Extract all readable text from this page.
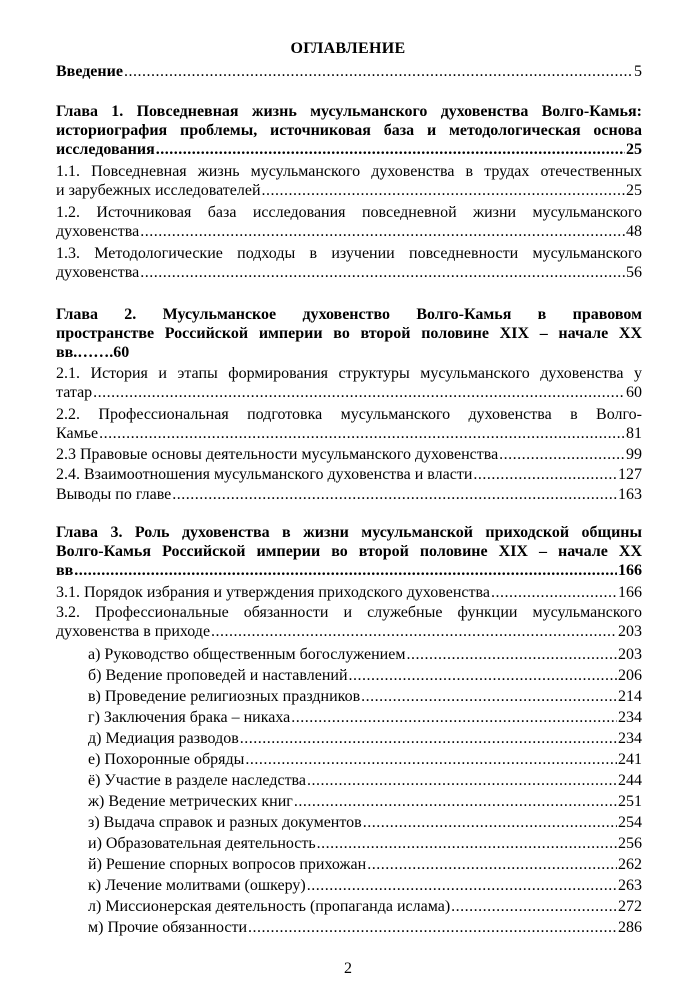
ОГЛАВЛЕНИЕ
Введение .....	5
Глава 1. Повседневная жизнь мусульманского духовенства Волго-Камья:
историография проблемы, источниковая база и методологическая основа
исследования .....	25
1.1. Повседневная жизнь мусульманского духовенства в трудах отечественных
и зарубежных исследователей .....	25
1.2. Источниковая база исследования повседневной жизни мусульманского
духовенства .....	48
1.3. Методологические подходы в изучении повседневности мусульманского
духовенства .....	56
Глава 2. Мусульманское духовенство Волго-Камья в правовом
пространстве Российской империи во второй половине XIX – начале XX
вв. ……. 60
2.1. История и этапы формирования структуры мусульманского духовенства у
татар .....	60
2.2. Профессиональная подготовка мусульманского духовенства в Волго-
Камье .....	81
2.3 Правовые основы деятельности мусульманского духовенства .....	99
2.4. Взаимоотношения мусульманского духовенства и власти .....	127
Выводы по главе .....	163
Глава 3. Роль духовенства в жизни мусульманской приходской общины
Волго-Камья Российской империи во второй половине XIX – начале XX
вв .....	166
3.1. Порядок избрания и утверждения приходского духовенства .....	166
3.2. Профессиональные обязанности и служебные функции мусульманского
духовенства в приходе .....	203
а) Руководство общественным богослужением .....	203
б) Ведение проповедей и наставлений .....	206
в) Проведение религиозных праздников .....	214
г) Заключения брака – никаха .....	234
д) Медиация разводов .....	234
е) Похоронные обряды .....	241
ё) Участие в разделе наследства .....	244
ж) Ведение метрических книг .....	251
з) Выдача справок и разных документов .....	254
и) Образовательная деятельность .....	256
й) Решение спорных вопросов прихожан .....	262
к) Лечение молитвами (ошкеру) .....	263
л) Миссионерская деятельность (пропаганда ислама) .....	272
м) Прочие обязанности .....	286
2
